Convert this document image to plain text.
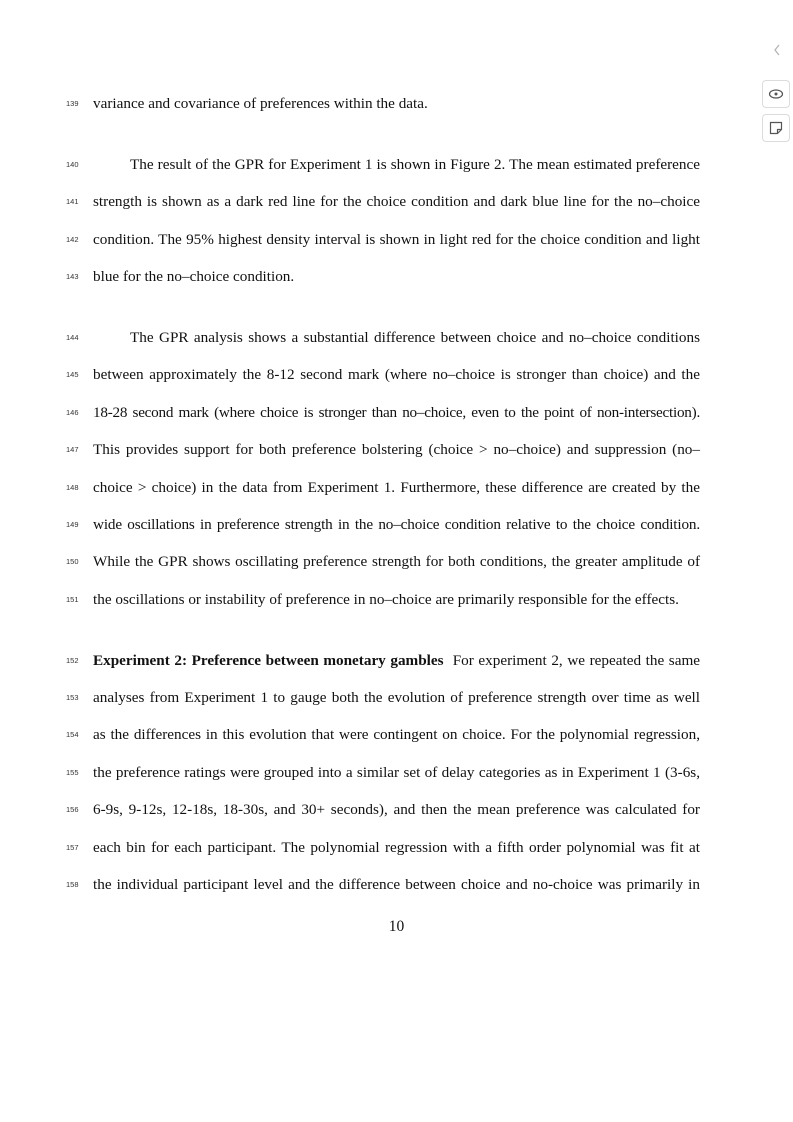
139 variance and covariance of preferences within the data.
140	The result of the GPR for Experiment 1 is shown in Figure 2. The mean estimated preference
141 strength is shown as a dark red line for the choice condition and dark blue line for the no–choice
142 condition. The 95% highest density interval is shown in light red for the choice condition and light
143 blue for the no–choice condition.
144	The GPR analysis shows a substantial difference between choice and no–choice conditions
145 between approximately the 8-12 second mark (where no–choice is stronger than choice) and the
146 18-28 second mark (where choice is stronger than no–choice, even to the point of non-intersection).
147 This provides support for both preference bolstering (choice > no–choice) and suppression (no–
148 choice > choice) in the data from Experiment 1. Furthermore, these difference are created by the
149 wide oscillations in preference strength in the no–choice condition relative to the choice condition.
150 While the GPR shows oscillating preference strength for both conditions, the greater amplitude of
151 the oscillations or instability of preference in no–choice are primarily responsible for the effects.
152 Experiment 2: Preference between monetary gambles For experiment 2, we repeated the same
153 analyses from Experiment 1 to gauge both the evolution of preference strength over time as well
154 as the differences in this evolution that were contingent on choice. For the polynomial regression,
155 the preference ratings were grouped into a similar set of delay categories as in Experiment 1 (3-6s,
156 6-9s, 9-12s, 12-18s, 18-30s, and 30+ seconds), and then the mean preference was calculated for
157 each bin for each participant. The polynomial regression with a fifth order polynomial was fit at
158 the individual participant level and the difference between choice and no-choice was primarily in
10
